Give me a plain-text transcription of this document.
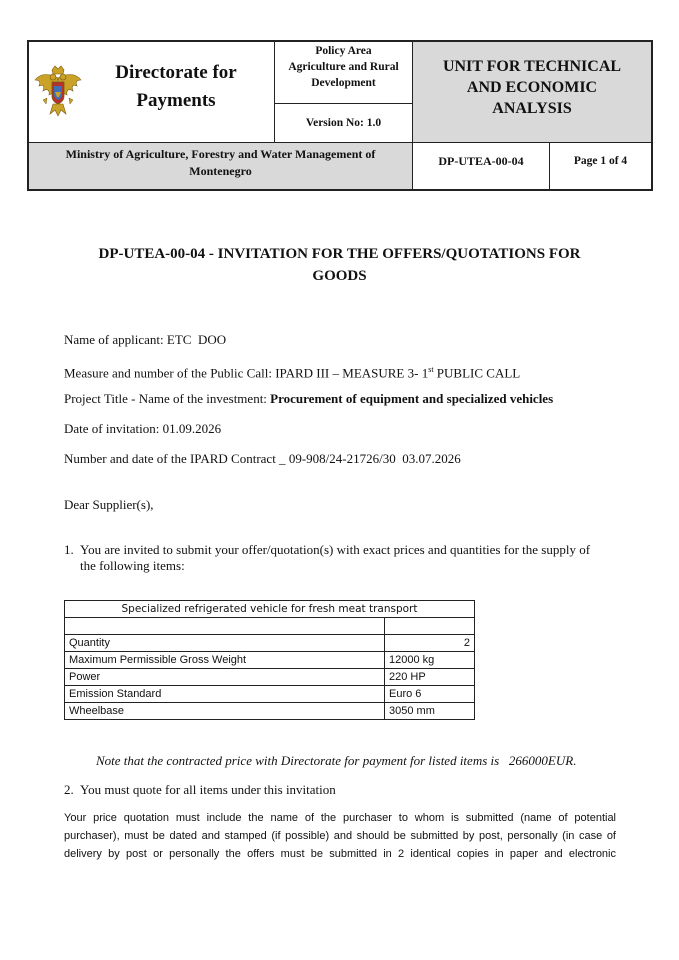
Directorate for
Payments
Policy Area
Agriculture and Rural
Development
Version No: 1.0
UNIT FOR TECHNICAL
AND ECONOMIC
ANALYSIS
Ministry of Agriculture, Forestry and Water Management of
Montenegro
DP-UTEA-00-04	Page 1 of 4
DP-UTEA-00-04 - INVITATION FOR THE OFFERS/QUOTATIONS FOR
GOODS
Name of applicant: ETC  DOO
Measure and number of the Public Call: IPARD III – MEASURE 3- 1st PUBLIC CALL
Project Title - Name of the investment: Procurement of equipment and specialized vehicles
Date of invitation: 01.09.2026
Number and date of the IPARD Contract _ 09-908/24-21726/30  03.07.2026
Dear Supplier(s),
1. You are invited to submit your offer/quotation(s) with exact prices and quantities for the supply of
the following items:
Specialized refrigerated vehicle for fresh meat transport	

Quantity	2
Maximum Permissible Gross Weight	12000 kg
Power	220 HP
Emission Standard	Euro 6
Wheelbase	3050 mm
Note that the contracted price with Directorate for payment for listed items is   266000EUR.
2. You must quote for all items under this invitation
Your price quotation must include the name of the purchaser to whom is submitted (name of potential
purchaser), must be dated and stamped (if possible) and should be submitted by post, personally (in case of
delivery by post or personally the offers must be submitted in 2 identical copies in paper and electronic
